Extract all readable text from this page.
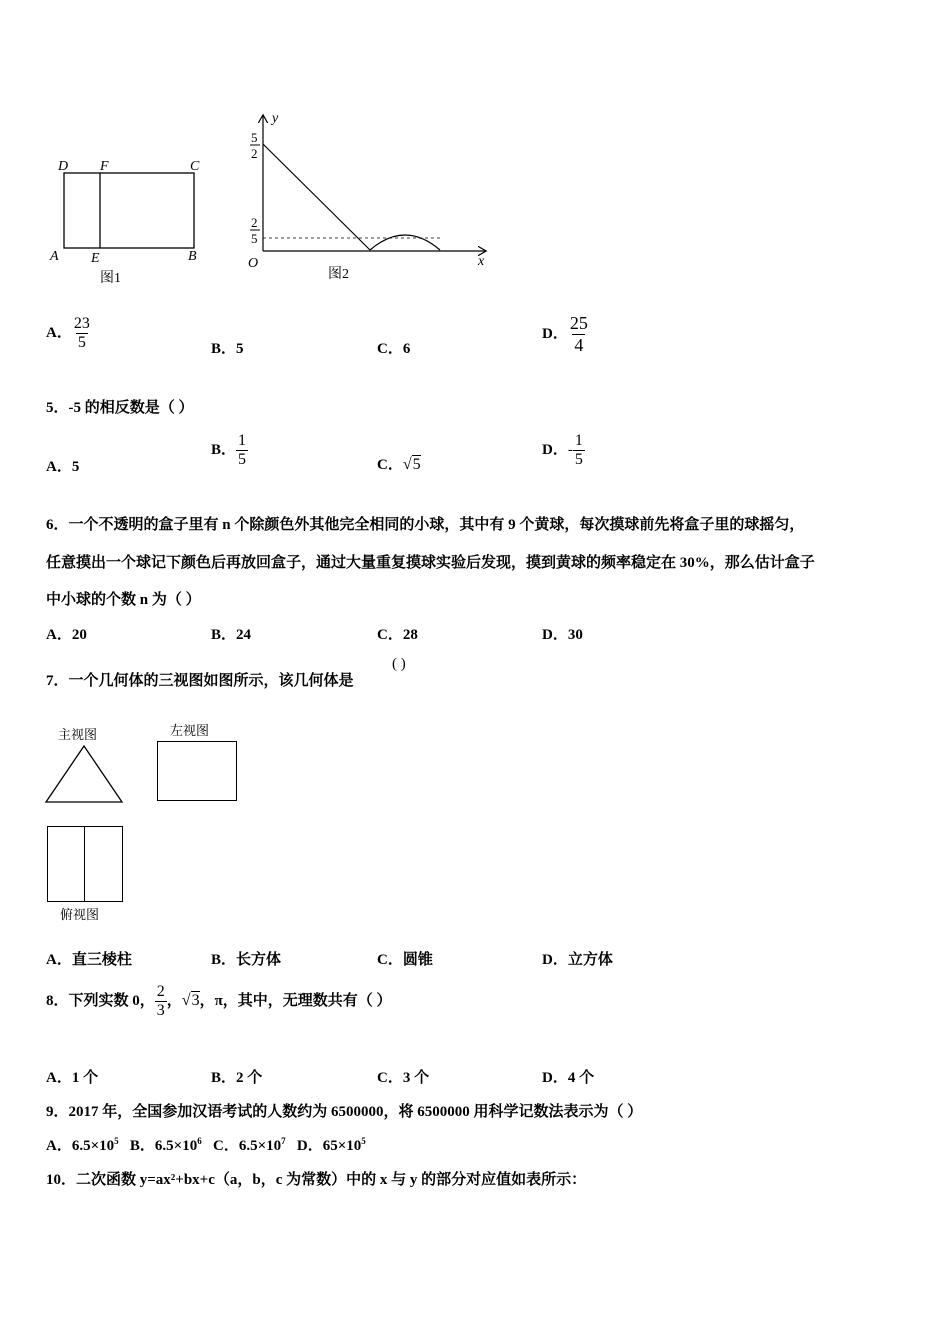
D F	C
A E	B
图1
y
x
O
5
2
2
5
图2
A． $\frac{23}{5}$	B．5	C．6
D． $\frac{25}{4}$
5．-5 的相反数是（ ）
A．5
B． $\frac{1}{5}$	C．√5
D．- $\frac{1}{5}$
6．一个不透明的盒子里有 n 个除颜色外其他完全相同的小球，其中有 9 个黄球，每次摸球前先将盒子里的球摇匀，
任意摸出一个球记下颜色后再放回盒子，通过大量重复摸球实验后发现，摸到黄球的频率稳定在 30%，那么估计盒子
中小球的个数 n 为（ ）
A．20	B．24	C．28	D．30
7．一个几何体的三视图如图所示，该几何体是
( )
主视图	左视图
俯视图
A．直三棱柱	B．长方体	C．圆锥	D．立方体
8．下列实数 0， $\frac{2}{3}$ ，√3，π，其中，无理数共有（ ）
A．1 个	B．2 个	C．3 个	D．4 个
9．2017 年，全国参加汉语考试的人数约为 6500000，将 6500000 用科学记数法表示为（ ）
A．$6.5\times 10^5$ B．$6.5\times 10^6$ C．$6.5\times 10^7$ D．$65\times 10^5$
10．二次函数 y=ax²+bx+c（a，b，c 为常数）中的 x 与 y 的部分对应值如表所示：
